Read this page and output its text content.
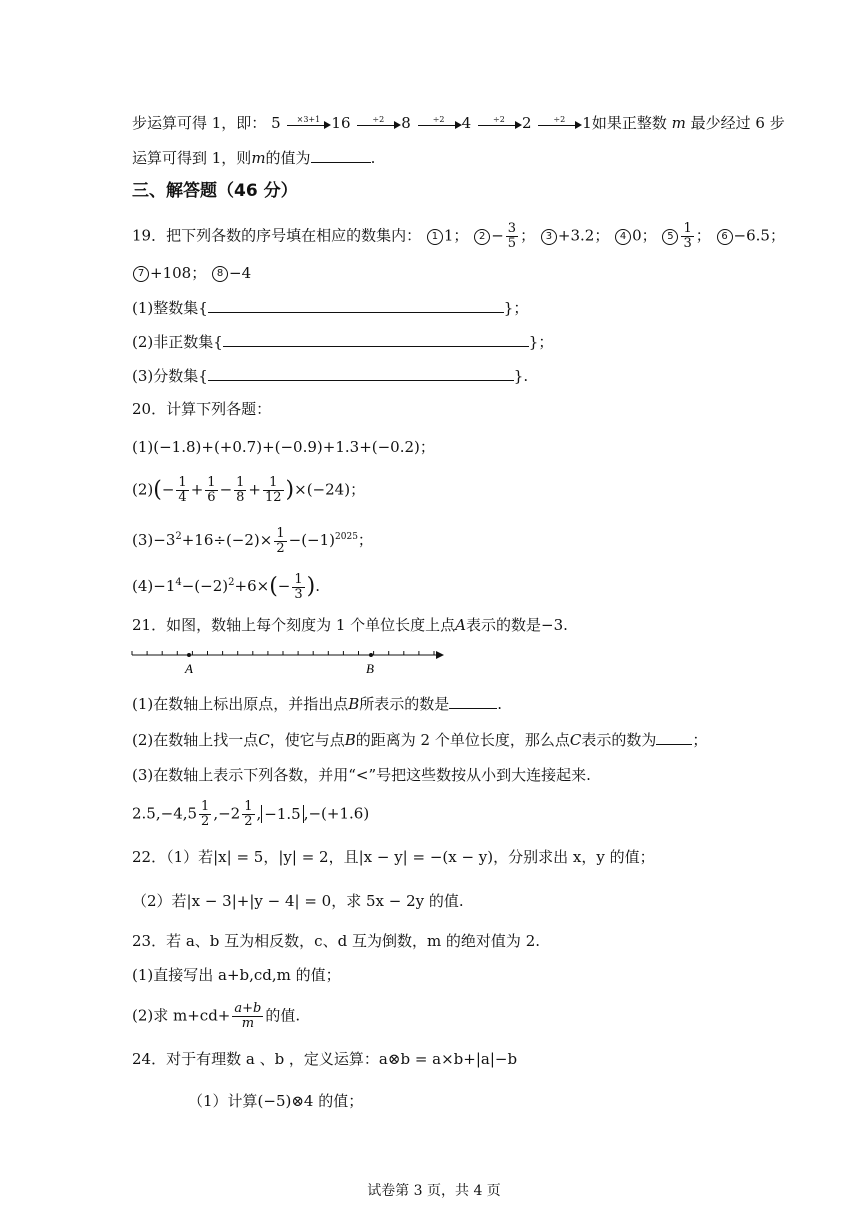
步运算可得 1，即： 5	×3+1 16	÷2	8	÷2	4	÷2	2	÷2	1如果正整数 m 最少经过 6 步
运算可得到 1，则m的值为	.
三、解答题（46 分）
19．把下列各数的序号填在相应的数集内： 1 1； $2 - \frac{3}{5}$ ； 3 +3.2； 4 0； $5 \frac{1}{3}$ ； 6 −6.5；
7 +108； 8 −4
(1)整数集{	}；
(2)非正数集{	}；
(3)分数集{	}.
20．计算下列各题：
(1)(−1.8)+(+0.7)+(−0.9)+1.3+(−0.2)；
$(2)(- \frac{1}{4} + \frac{1}{6} - \frac{1}{8} + \frac{1}{12} )\times(-24)$；
$(3)-3^2+16\div(-2)\times \frac{1}{2} -(-1)^{2025}$；
$(4)-1^4-(-2)^2+6\times(- \frac{1}{3}$ ).
21．如图，数轴上每个刻度为 1 个单位长度上点A表示的数是−3.
A	B
(1)在数轴上标出原点，并指出点B所表示的数是	.
(2)在数轴上找一点C，使它与点B的距离为 2 个单位长度，那么点C表示的数为 ；
(3)在数轴上表示下列各数，并用“<”号把这些数按从小到大连接起来.
$2.5,-4,5 \frac{1}{2} ,-2 \frac{1}{2}$ , −1.5 ,−(+1.6)
22．（1）若|x| = 5，|y| = 2，且|x − y| = −(x − y)，分别求出 x，y 的值；
（2）若|x − 3|+|y − 4| = 0，求 5x − 2y 的值.
23．若 a、b 互为相反数，c、d 互为倒数，m 的绝对值为 2.
(1)直接写出 a+b,cd,m 的值；
(2)求 $m+cd+ \frac{a+b}{m}$ 的值.
24．对于有理数 a 、b ，定义运算：a⊗b = a×b+|a|−b
（1）计算(−5)⊗4 的值；
试卷第 3 页，共 4 页
